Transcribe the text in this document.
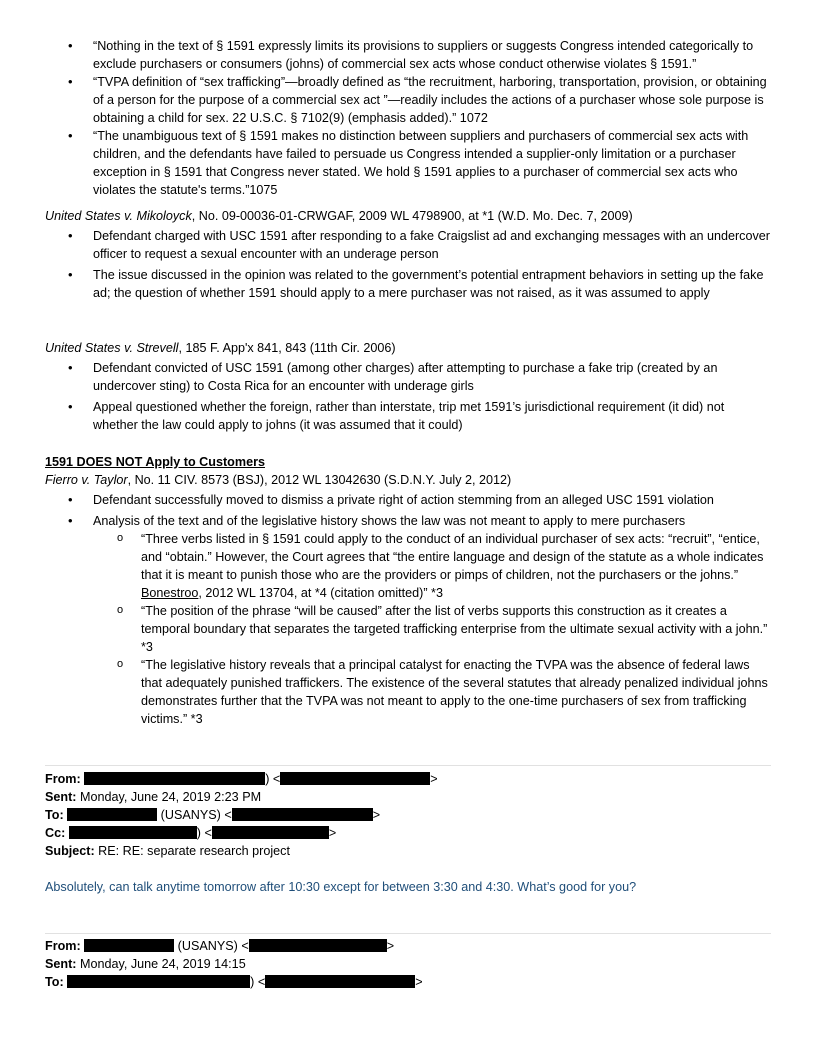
• “Nothing in the text of § 1591 expressly limits its provisions to suppliers or suggests Congress intended categorically to exclude purchasers or consumers (johns) of commercial sex acts whose conduct otherwise violates § 1591.”
• “TVPA definition of “sex trafficking”—broadly defined as “the recruitment, harboring, transportation, provision, or obtaining of a person for the purpose of a commercial sex act ”—readily includes the actions of a purchaser whose sole purpose is obtaining a child for sex. 22 U.S.C. § 7102(9) (emphasis added).” 1072
• “The unambiguous text of § 1591 makes no distinction between suppliers and purchasers of commercial sex acts with children, and the defendants have failed to persuade us Congress intended a supplier-only limitation or a purchaser exception in § 1591 that Congress never stated. We hold § 1591 applies to a purchaser of commercial sex acts who violates the statute's terms.”1075
United States v. Mikoloyck, No. 09-00036-01-CRWGAF, 2009 WL 4798900, at *1 (W.D. Mo. Dec. 7, 2009)
• Defendant charged with USC 1591 after responding to a fake Craigslist ad and exchanging messages with an undercover officer to request a sexual encounter with an underage person
• The issue discussed in the opinion was related to the government’s potential entrapment behaviors in setting up the fake ad; the question of whether 1591 should apply to a mere purchaser was not raised, as it was assumed to apply
United States v. Strevell, 185 F. App'x 841, 843 (11th Cir. 2006)
• Defendant convicted of USC 1591 (among other charges) after attempting to purchase a fake trip (created by an undercover sting) to Costa Rica for an encounter with underage girls
• Appeal questioned whether the foreign, rather than interstate, trip met 1591’s jurisdictional requirement (it did) not whether the law could apply to johns (it was assumed that it could)
1591 DOES NOT Apply to Customers
Fierro v. Taylor, No. 11 CIV. 8573 (BSJ), 2012 WL 13042630 (S.D.N.Y. July 2, 2012)
• Defendant successfully moved to dismiss a private right of action stemming from an alleged USC 1591 violation
• Analysis of the text and of the legislative history shows the law was not meant to apply to mere purchasers
o “Three verbs listed in § 1591 could apply to the conduct of an individual purchaser of sex acts: “recruit”, “entice, and “obtain.” However, the Court agrees that “the entire language and design of the statute as a whole indicates that it is meant to punish those who are the providers or pimps of children, not the purchasers or the johns.” Bonestroo, 2012 WL 13704, at *4 (citation omitted)” *3
o “The position of the phrase “will be caused” after the list of verbs supports this construction as it creates a temporal boundary that separates the targeted trafficking enterprise from the ultimate sexual activity with a john.” *3
o “The legislative history reveals that a principal catalyst for enacting the TVPA was the absence of federal laws that adequately punished traffickers. The existence of the several statutes that already penalized individual johns demonstrates further that the TVPA was not meant to apply to the one-time purchasers of sex from trafficking victims.” *3
From:	) <	>
Sent: Monday, June 24, 2019 2:23 PM
To:	(USANYS) <	>
Cc:	) <	>
Subject: RE: RE: separate research project
Absolutely, can talk anytime tomorrow after 10:30 except for between 3:30 and 4:30. What’s good for you?
From:	(USANYS) <	>
Sent: Monday, June 24, 2019 14:15
To:	) <	>
